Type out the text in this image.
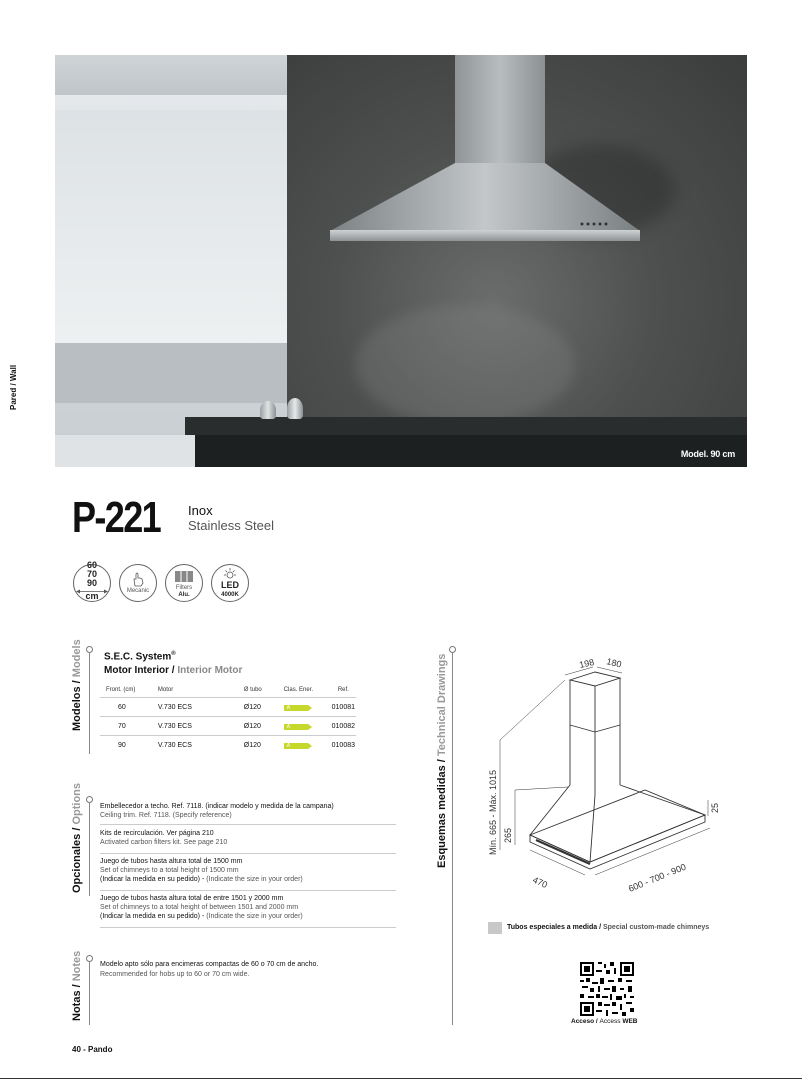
Pared / Wall
Model. 90 cm
P-221 Inox
Stainless Steel
60
70
90
cm	Mecanic	Filters
Alu.
LED
4000K
Modelos / Models S.E.C. System®
Motor Interior / Interior Motor
Front. (cm)	Motor	Ø tubo	Clas. Ener.	Ref.
60	V.730 ECS	Ø120	A	010081
70	V.730 ECS	Ø120	A	010082
90	V.730 ECS	Ø120	A	010083
Opcionales / Options Embellecedor a techo. Ref. 7118. (indicar modelo y medida de la campana)
Ceiling trim. Ref. 7118. (Specify reference)
Kits de recirculación. Ver página 210
Activated carbon filters kit. See page 210
Juego de tubos hasta altura total de 1500 mm
Set of chimneys to a total height of 1500 mm
(Indicar la medida en su pedido) - (Indicate the size in your order)
Juego de tubos hasta altura total de entre 1501 y 2000 mm
Set of chimneys to a total height of between 1501 and 2000 mm
(Indicar la medida en su pedido) - (Indicate the size in your order)
Notas / Notes Modelo apto sólo para encimeras compactas de 60 o 70 cm de ancho.
Recommended for hobs up to 60 or 70 cm wide.
Esquemas medidas / Technical Drawings	198 180
Mín. 665 - Máx. 1015 265
25
470	600 - 700 - 900
Tubos especiales a medida / Special custom-made chimneys
Acceso / Access WEB
40 - Pando
